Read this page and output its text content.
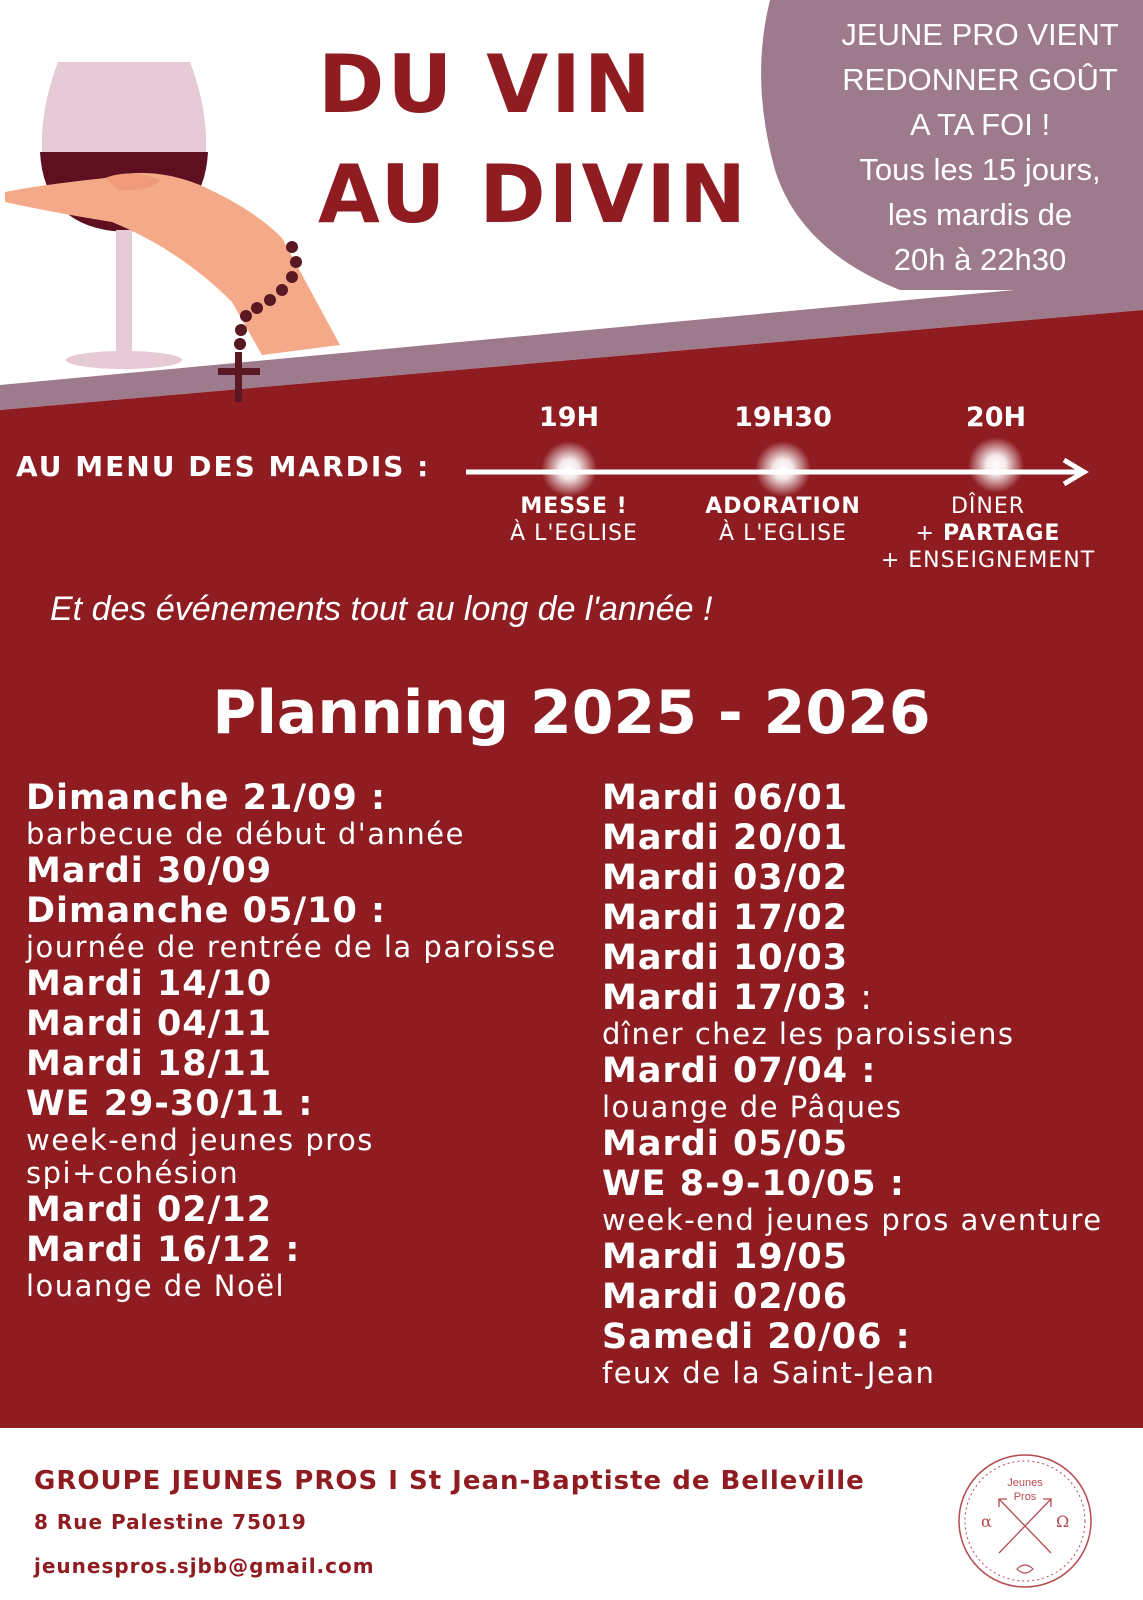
DU VIN
AU DIVIN
JEUNE PRO VIENT
REDONNER GOÛT
A TA FOI !
Tous les 15 jours,
les mardis de
20h à 22h30
AU MENU DES MARDIS :
19H	19H30	20H
MESSE !
À L'EGLISE
ADORATION
À L'EGLISE
DÎNER
+ PARTAGE
+ ENSEIGNEMENT
Et des événements tout au long de l'année !
Planning 2025 - 2026
Dimanche 21/09 :
barbecue de début d'année
Mardi 30/09
Dimanche 05/10 :
journée de rentrée de la paroisse
Mardi 14/10
Mardi 04/11
Mardi 18/11
WE 29-30/11 :
week-end jeunes pros spi+cohésion
Mardi 02/12
Mardi 16/12 :
louange de Noël
Mardi 06/01
Mardi 20/01
Mardi 03/02
Mardi 17/02
Mardi 10/03
Mardi 17/03 :
dîner chez les paroissiens
Mardi 07/04 :
louange de Pâques
Mardi 05/05
WE 8-9-10/05 :
week-end jeunes pros aventure
Mardi 19/05
Mardi 02/06
Samedi 20/06 :
feux de la Saint-Jean
GROUPE JEUNES PROS I St Jean-Baptiste de Belleville
8 Rue Palestine 75019
jeunespros.sjbb@gmail.com
Jeunes
Pros
α	Ω
